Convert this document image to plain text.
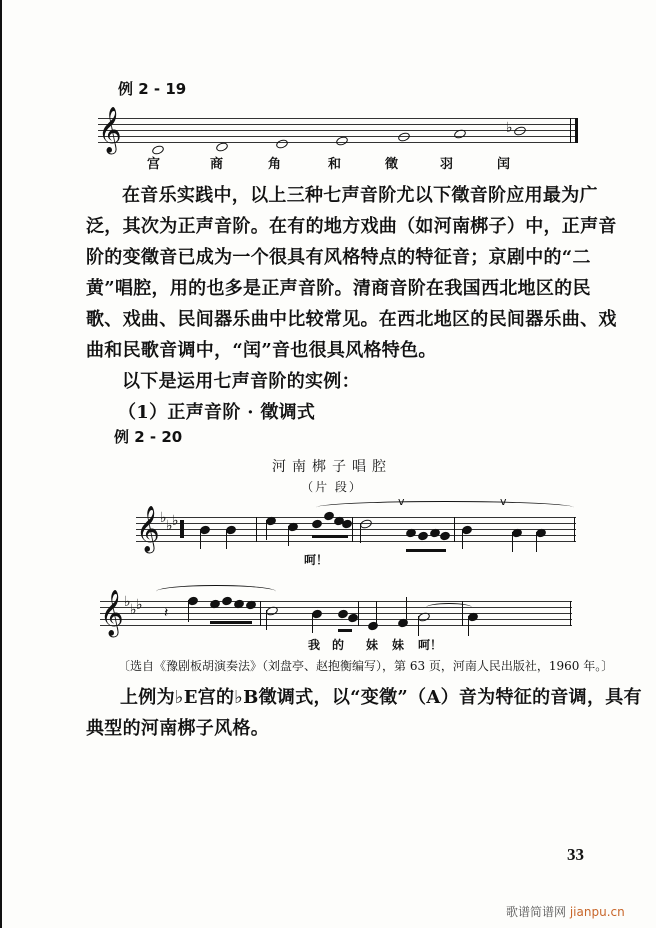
例 2 - 19
𝄞	♭
宫	商	角	和	徵	羽	闰
在音乐实践中，以上三种七声音阶尤以下徵音阶应用最为广
泛，其次为正声音阶。在有的地方戏曲（如河南梆子）中，正声音
阶的变徵音已成为一个很具有风格特点的特征音；京剧中的“二
黄”唱腔，用的也多是正声音阶。清商音阶在我国西北地区的民
歌、戏曲、民间器乐曲中比较常见。在西北地区的民间器乐曲、戏
曲和民歌音调中，“闰”音也很具风格特色。
以下是运用七声音阶的实例：
（1）正声音阶 · 徵调式
例 2 - 20
河南梆子唱腔
（片 段）
𝄞 ♭ ♭ ♭
v	v
呵！
𝄞 ♭ ♭ ♭ 𝄽
我 的 妹 妹 呵！
〔选自《豫剧板胡演奏法》（刘盘亭、赵抱衡编写），第 63 页，河南人民出版社，1960 年。〕
上例为♭E宫的♭B徵调式，以“变徵”（A）音为特征的音调，具有
典型的河南梆子风格。
33
歌谱简谱网 jianpu.cn
